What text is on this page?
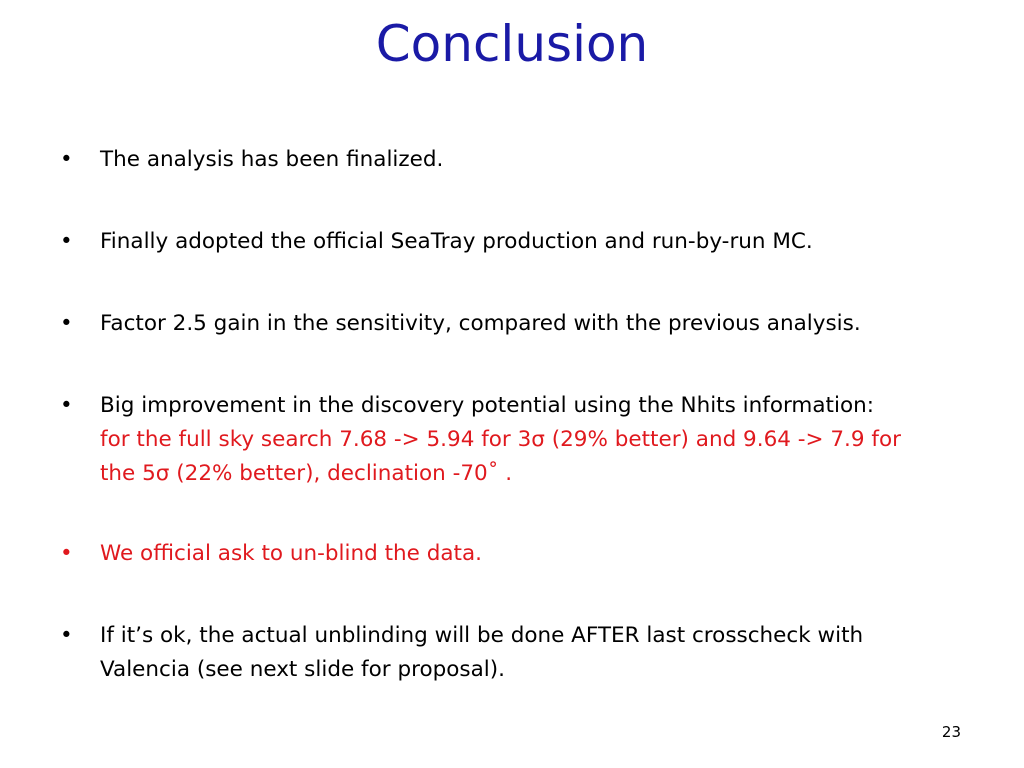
Conclusion
•	The analysis has been finalized.
•	Finally adopted the official SeaTray production and run-by-run MC.
•	Factor 2.5 gain in the sensitivity, compared with the previous analysis.
•	Big improvement in the discovery potential using the Nhits information:
for the full sky search 7.68 -> 5.94 for 3σ (29% better) and 9.64 -> 7.9 for
the 5σ (22% better), declination -70˚ .
•	We official ask to un-blind the data.
•	If it’s ok, the actual unblinding will be done AFTER last crosscheck with
Valencia (see next slide for proposal).
23
